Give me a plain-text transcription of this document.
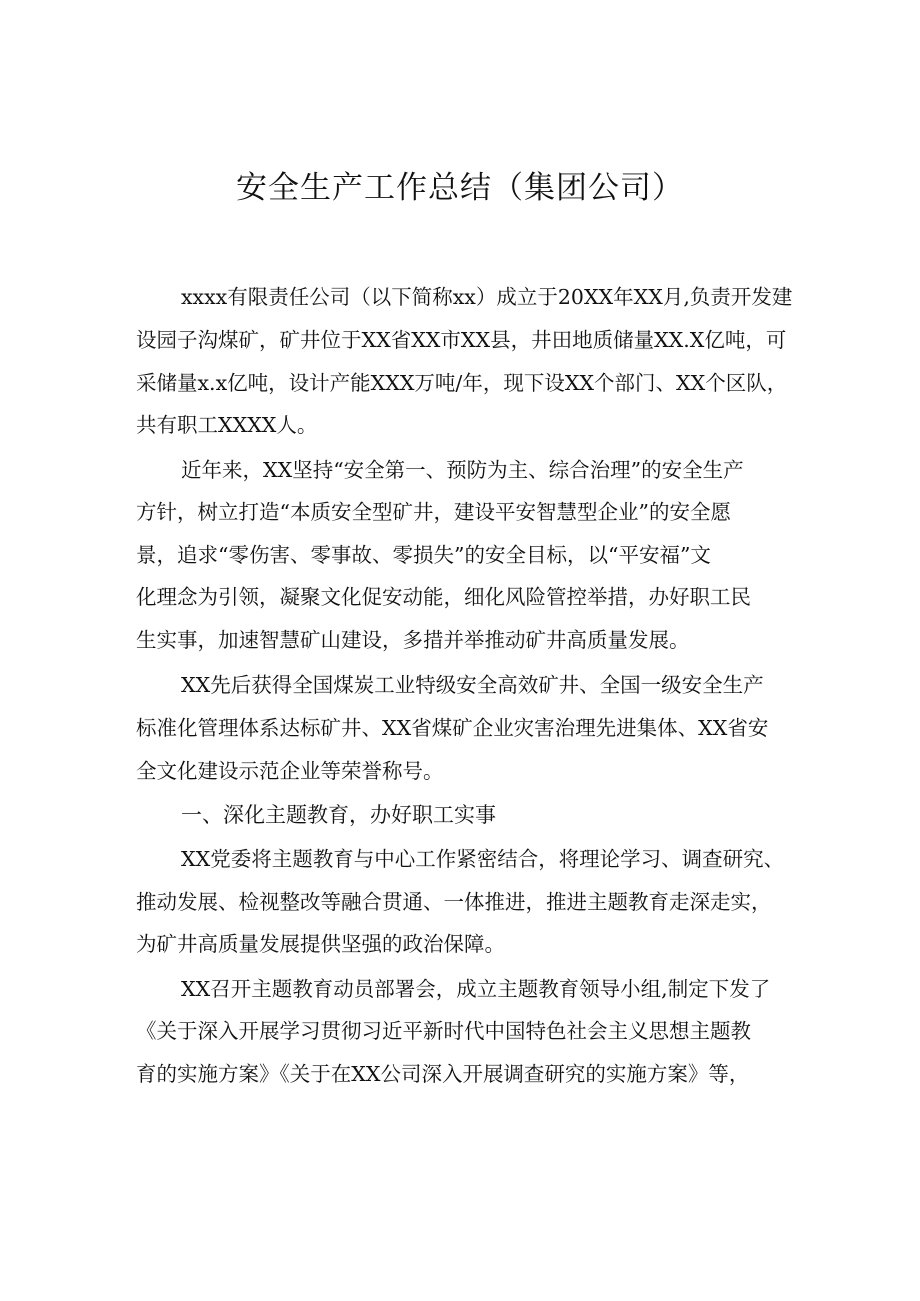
安全生产工作总结（集团公司）
xxxx有限责任公司（以下简称xx）成立于20XX年XX月,负责开发建
设园子沟煤矿，矿井位于XX省XX市XX县，井田地质储量XX.X亿吨，可
采储量x.x亿吨，设计产能XXX万吨/年，现下设XX个部门、XX个区队，
共有职工XXXX人。
近年来，XX坚持“安全第一、预防为主、综合治理”的安全生产
方针，树立打造“本质安全型矿井，建设平安智慧型企业”的安全愿
景，追求“零伤害、零事故、零损失”的安全目标，以“平安福”文
化理念为引领，凝聚文化促安动能，细化风险管控举措，办好职工民
生实事，加速智慧矿山建设，多措并举推动矿井高质量发展。
XX先后获得全国煤炭工业特级安全高效矿井、全国一级安全生产
标准化管理体系达标矿井、XX省煤矿企业灾害治理先进集体、XX省安
全文化建设示范企业等荣誉称号。
一、深化主题教育，办好职工实事
XX党委将主题教育与中心工作紧密结合，将理论学习、调查研究、
推动发展、检视整改等融合贯通、一体推进，推进主题教育走深走实，
为矿井高质量发展提供坚强的政治保障。
XX召开主题教育动员部署会，成立主题教育领导小组,制定下发了
《关于深入开展学习贯彻习近平新时代中国特色社会主义思想主题教
育的实施方案》《关于在XX公司深入开展调查研究的实施方案》等，
